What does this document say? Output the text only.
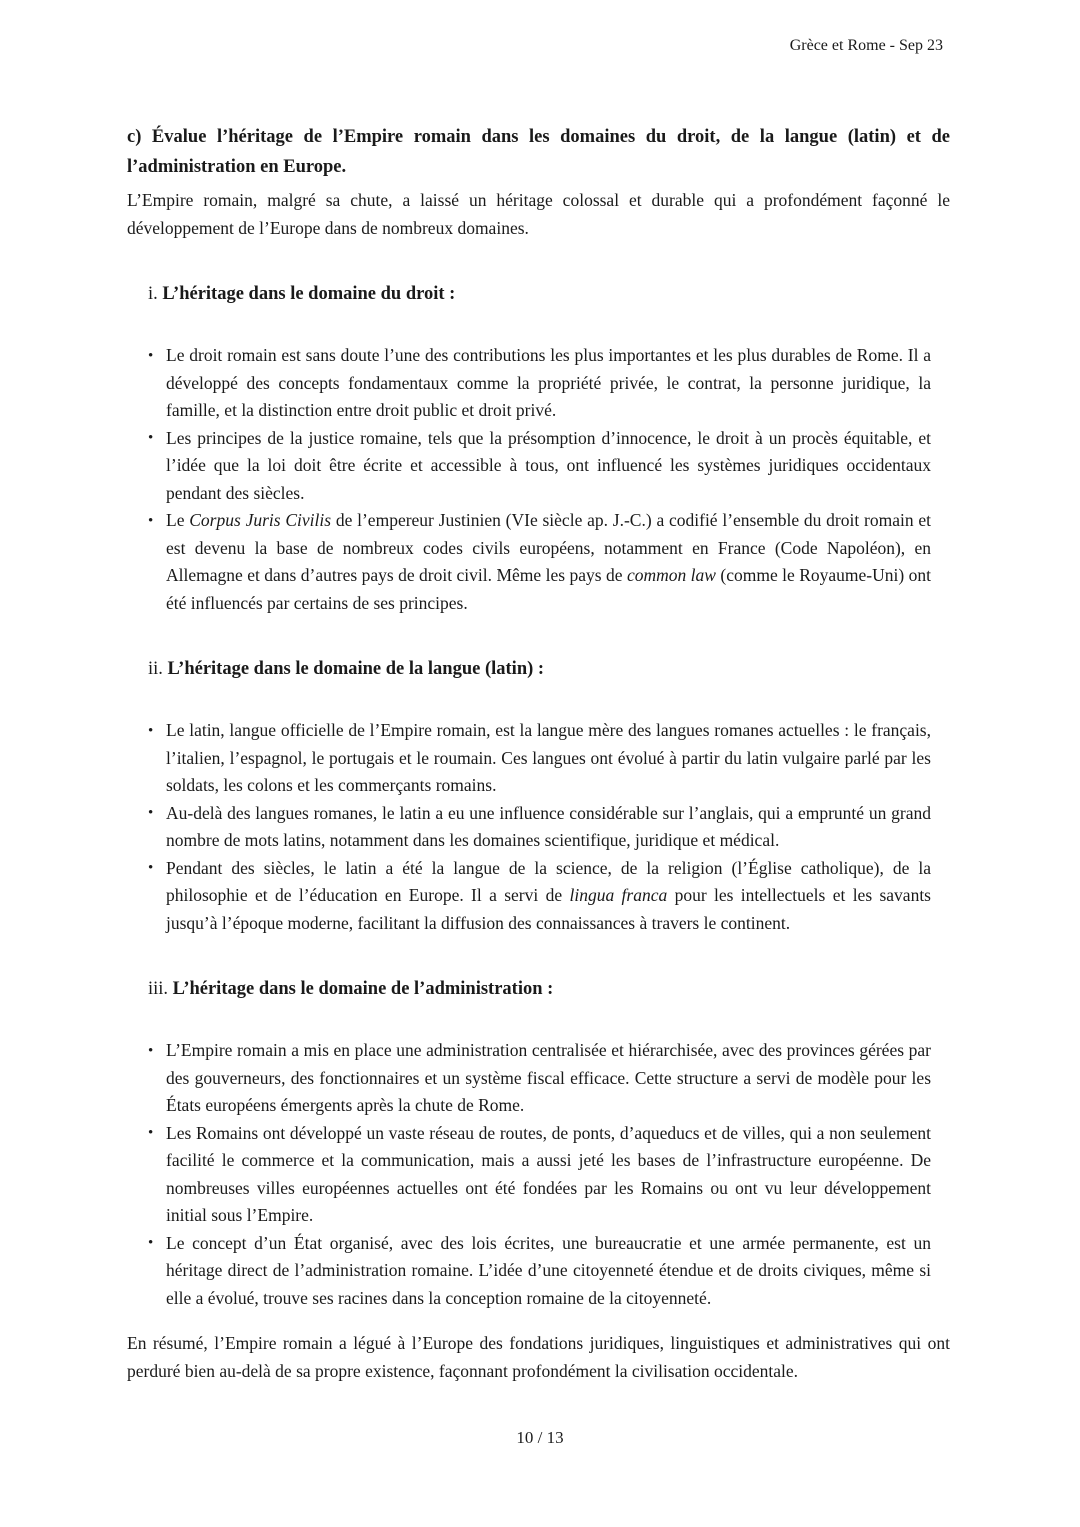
Grèce et Rome - Sep 23

c) Évalue l’héritage de l’Empire romain dans les domaines du droit, de la langue (latin) et de l’administration en Europe.

L’Empire romain, malgré sa chute, a laissé un héritage colossal et durable qui a profondément façonné le développement de l’Europe dans de nombreux domaines.

i. L’héritage dans le domaine du droit :
• Le droit romain est sans doute l’une des contributions les plus importantes et les plus durables de Rome. Il a développé des concepts fondamentaux comme la propriété privée, le contrat, la personne juridique, la famille, et la distinction entre droit public et droit privé.
• Les principes de la justice romaine, tels que la présomption d’innocence, le droit à un procès équitable, et l’idée que la loi doit être écrite et accessible à tous, ont influencé les systèmes juridiques occidentaux pendant des siècles.
• Le Corpus Juris Civilis de l’empereur Justinien (VIe siècle ap. J.-C.) a codifié l’ensemble du droit romain et est devenu la base de nombreux codes civils européens, notamment en France (Code Napoléon), en Allemagne et dans d’autres pays de droit civil. Même les pays de common law (comme le Royaume-Uni) ont été influencés par certains de ses principes.
ii. L’héritage dans le domaine de la langue (latin) :
• Le latin, langue officielle de l’Empire romain, est la langue mère des langues romanes actuelles : le français, l’italien, l’espagnol, le portugais et le roumain. Ces langues ont évolué à partir du latin vulgaire parlé par les soldats, les colons et les commerçants romains.
• Au-delà des langues romanes, le latin a eu une influence considérable sur l’anglais, qui a emprunté un grand nombre de mots latins, notamment dans les domaines scientifique, juridique et médical.
• Pendant des siècles, le latin a été la langue de la science, de la religion (l’Église catholique), de la philosophie et de l’éducation en Europe. Il a servi de lingua franca pour les intellectuels et les savants jusqu’à l’époque moderne, facilitant la diffusion des connaissances à travers le continent.
iii. L’héritage dans le domaine de l’administration :
• L’Empire romain a mis en place une administration centralisée et hiérarchisée, avec des provinces gérées par des gouverneurs, des fonctionnaires et un système fiscal efficace. Cette structure a servi de modèle pour les États européens émergents après la chute de Rome.
• Les Romains ont développé un vaste réseau de routes, de ponts, d’aqueducs et de villes, qui a non seulement facilité le commerce et la communication, mais a aussi jeté les bases de l’infrastructure européenne. De nombreuses villes européennes actuelles ont été fondées par les Romains ou ont vu leur développement initial sous l’Empire.
• Le concept d’un État organisé, avec des lois écrites, une bureaucratie et une armée permanente, est un héritage direct de l’administration romaine. L’idée d’une citoyenneté étendue et de droits civiques, même si elle a évolué, trouve ses racines dans la conception romaine de la citoyenneté.

En résumé, l’Empire romain a légué à l’Europe des fondations juridiques, linguistiques et administratives qui ont perduré bien au-delà de sa propre existence, façonnant profondément la civilisation occidentale.

10 / 13
